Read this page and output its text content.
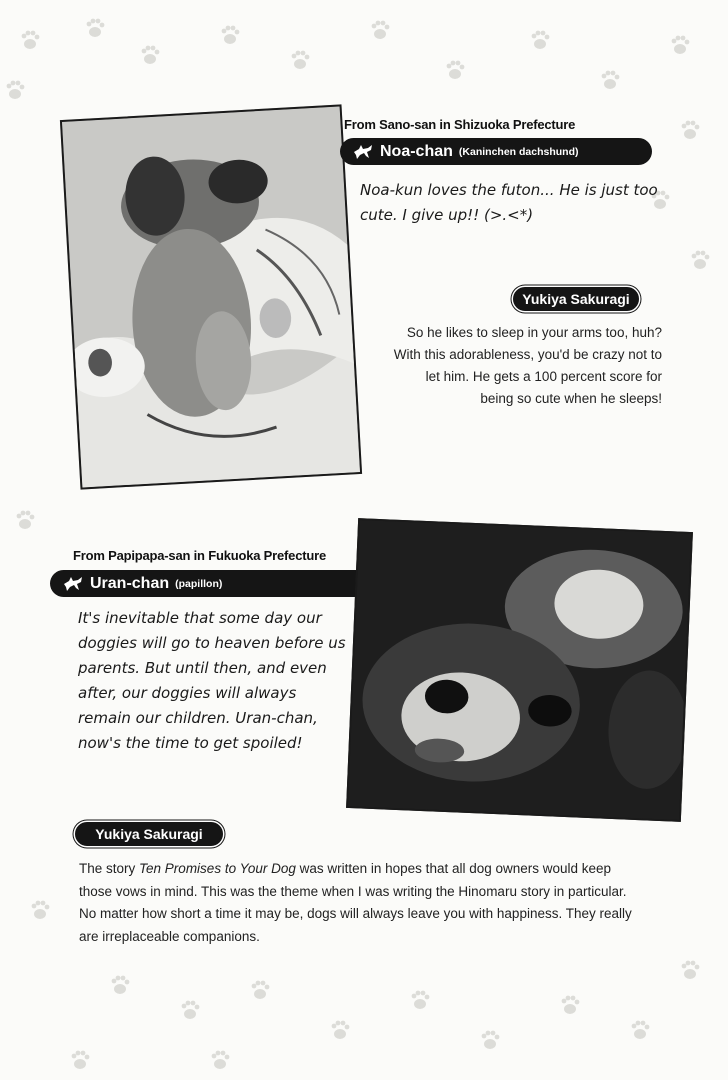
From Sano-san in Shizuoka Prefecture
Noa-chan (Kaninchen dachshund)

Noa-kun loves the futon... He is just too cute. I give up!! (>.<*)

Yukiya Sakuragi

So he likes to sleep in your arms too, huh? With this adorableness, you'd be crazy not to let him. He gets a 100 percent score for being so cute when he sleeps!

From Papipapa-san in Fukuoka Prefecture
Uran-chan (papillon)

It's inevitable that some day our doggies will go to heaven before us parents. But until then, and even after, our doggies will always remain our children. Uran-chan, now's the time to get spoiled!

Yukiya Sakuragi

The story Ten Promises to Your Dog was written in hopes that all dog owners would keep those vows in mind. This was the theme when I was writing the Hinomaru story in particular. No matter how short a time it may be, dogs will always leave you with happiness. They really are irreplaceable companions.
